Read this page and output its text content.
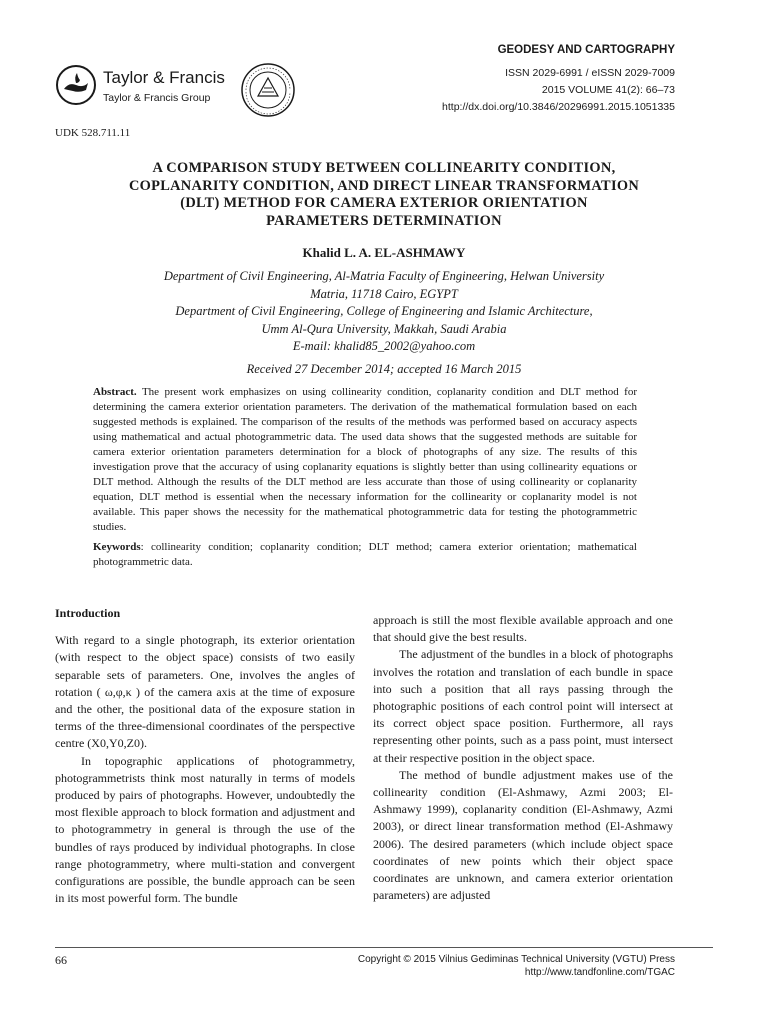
Taylor & Francis
Taylor & Francis Group
GEODESY AND CARTOGRAPHY
ISSN 2029-6991 / eISSN 2029-7009
2015 VOLUME 41(2): 66–73
http://dx.doi.org/10.3846/20296991.2015.1051335
UDK 528.711.11
A COMPARISON STUDY BETWEEN COLLINEARITY CONDITION,
COPLANARITY CONDITION, AND DIRECT LINEAR TRANSFORMATION
(DLT) METHOD FOR CAMERA EXTERIOR ORIENTATION
PARAMETERS DETERMINATION
Khalid L. A. EL-ASHMAWY
Department of Civil Engineering, Al-Matria Faculty of Engineering, Helwan University
Matria, 11718 Cairo, EGYPT
Department of Civil Engineering, College of Engineering and Islamic Architecture,
Umm Al-Qura University, Makkah, Saudi Arabia
E-mail: khalid85_2002@yahoo.com
Received 27 December 2014; accepted 16 March 2015
Abstract. The present work emphasizes on using collinearity condition, coplanarity condition and DLT method for determining the camera exterior orientation parameters. The derivation of the mathematical formulation based on each suggested methods is explained. The comparison of the results of the methods was performed based on accuracy aspects using mathematical and actual photogrammetric data. The used data shows that the suggested methods are suitable for camera exterior orientation parameters determination for a block of photographs of any size. The results of this investigation prove that the accuracy of using coplanarity equations is slightly better than using collinearity equations or DLT method. Although the results of the DLT method are less accurate than those of using collinearity or coplanarity equation, DLT method is essential when the necessary information for the collinearity or coplanarity model is not available. This paper shows the necessity for the mathematical photogrammetric data for testing the photogrammetric studies.
Keywords: collinearity condition; coplanarity condition; DLT method; camera exterior orientation; mathematical photogrammetric data.
Introduction

With regard to a single photograph, its exterior orientation (with respect to the object space) consists of two easily separable sets of parameters. One, involves the angles of rotation ( ω,φ,κ ) of the camera axis at the time of exposure and the other, the positional data of the exposure station in terms of the three-dimensional coordinates of the perspective centre (X0,Y0,Z0).

In topographic applications of photogrammetry, photogrammetrists think most naturally in terms of models produced by pairs of photographs. However, undoubtedly the most flexible approach to block formation and adjustment and to photogrammetry in general is through the use of the bundles of rays produced by individual photographs. In close range photogrammetry, where multi-station and convergent configurations are possible, the bundle approach can be seen in its most powerful form. The bundle

approach is still the most flexible available approach and one that should give the best results.

The adjustment of the bundles in a block of photographs involves the rotation and translation of each bundle in space into such a position that all rays passing through the photographic positions of each control point will intersect at its correct object space position. Furthermore, all rays representing other points, such as a pass point, must intersect at their respective position in the object space.

The method of bundle adjustment makes use of the collinearity condition (El-Ashmawy, Azmi 2003; El-Ashmawy 1999), coplanarity condition (El-Ashmawy, Azmi 2003), or direct linear transformation method (El-Ashmawy 2006). The desired parameters (which include object space coordinates of new points which their object space coordinates are unknown, and camera exterior orientation parameters) are adjusted

66	Copyright © 2015 Vilnius Gediminas Technical University (VGTU) Press
http://www.tandfonline.com/TGAC
